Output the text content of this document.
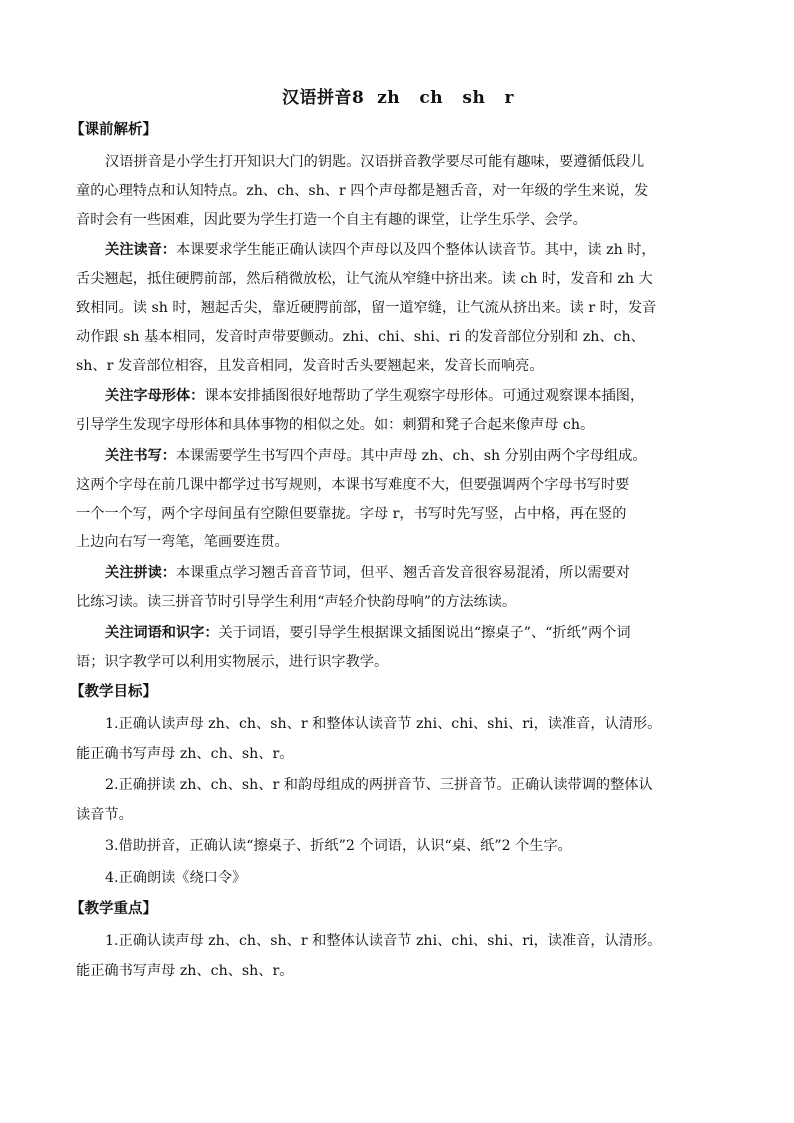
汉语拼音8  zh   ch   sh   r
【课前解析】
汉语拼音是小学生打开知识大门的钥匙。汉语拼音教学要尽可能有趣味，要遵循低段儿
童的心理特点和认知特点。zh、ch、sh、r 四个声母都是翘舌音，对一年级的学生来说，发
音时会有一些困难，因此要为学生打造一个自主有趣的课堂，让学生乐学、会学。
关注读音：本课要求学生能正确认读四个声母以及四个整体认读音节。其中，读 zh 时，
舌尖翘起，抵住硬腭前部，然后稍微放松，让气流从窄缝中挤出来。读 ch 时，发音和 zh 大
致相同。读 sh 时，翘起舌尖，靠近硬腭前部，留一道窄缝，让气流从挤出来。读 r 时，发音
动作跟 sh 基本相同，发音时声带要颤动。zhi、chi、shi、ri 的发音部位分别和 zh、ch、
sh、r 发音部位相容，且发音相同，发音时舌头要翘起来，发音长而响亮。
关注字母形体：课本安排插图很好地帮助了学生观察字母形体。可通过观察课本插图，
引导学生发现字母形体和具体事物的相似之处。如：刺猬和凳子合起来像声母 ch。
关注书写：本课需要学生书写四个声母。其中声母 zh、ch、sh 分别由两个字母组成。
这两个字母在前几课中都学过书写规则，本课书写难度不大，但要强调两个字母书写时要
一个一个写，两个字母间虽有空隙但要靠拢。字母 r，书写时先写竖，占中格，再在竖的
上边向右写一弯笔，笔画要连贯。
关注拼读：本课重点学习翘舌音音节词，但平、翘舌音发音很容易混淆，所以需要对
比练习读。读三拼音节时引导学生利用“声轻介快韵母响”的方法练读。
关注词语和识字：关于词语，要引导学生根据课文插图说出“擦桌子”、“折纸”两个词
语；识字教学可以利用实物展示，进行识字教学。
【教学目标】
1.正确认读声母 zh、ch、sh、r 和整体认读音节 zhi、chi、shi、ri，读准音，认清形。
能正确书写声母 zh、ch、sh、r。
2.正确拼读 zh、ch、sh、r 和韵母组成的两拼音节、三拼音节。正确认读带调的整体认
读音节。
3.借助拼音，正确认读“擦桌子、折纸”2 个词语，认识“桌、纸”2 个生字。
4.正确朗读《绕口令》
【教学重点】
1.正确认读声母 zh、ch、sh、r 和整体认读音节 zhi、chi、shi、ri，读准音，认清形。
能正确书写声母 zh、ch、sh、r。
